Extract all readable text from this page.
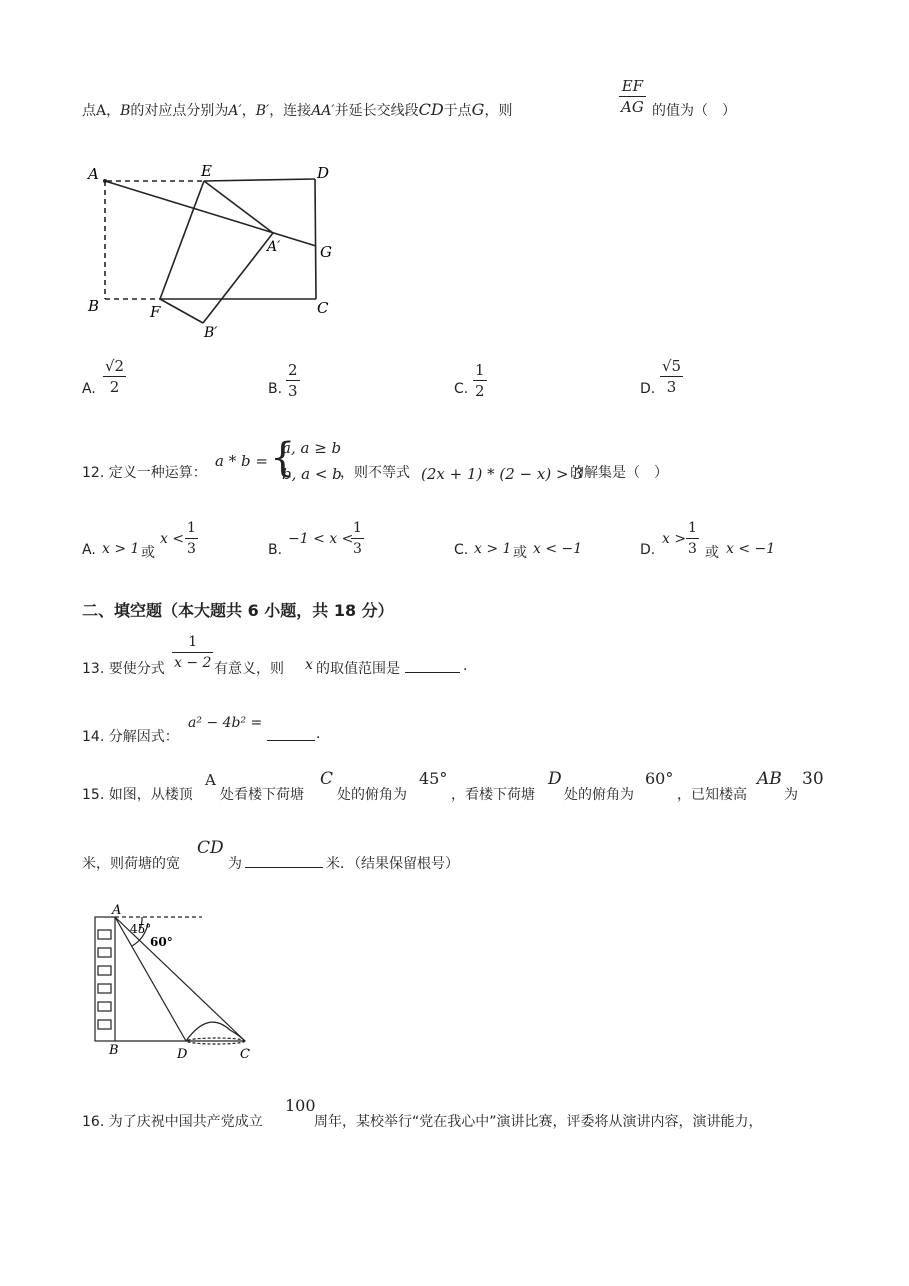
点A，B的对应点分别为A′，B′，连接AA′并延长交线段CD于点G，则	$\frac{EF}{AG}$ 的值为（　）
A	E	D
A′	G
B	F	C
B′
A. $\frac{√2}{2}$	B. $\frac{2}{3}$	C. $\frac{1}{2}$	D. $\frac{√5}{3}$
12. 定义一种运算：
a * b = {
a, a ≥ b
b, a < b
，则不等式 (2x + 1) * (2 − x) > 3
的解集是（　）
A. x > 1 或
$x < \frac{1}{3}$	B.
−1 < x <
$\frac{1}{3}$	C. x > 1 或 x < −1	D.
$x > \frac{1}{3}$ 或 x < −1
二、填空题（本大题共 6 小题，共 18 分）
13. 要使分式 $\frac{1}{x - 2}$ 有意义，则 x 的取值范围是	.
14. 分解因式：
a² − 4b² =
.
15. 如图，从楼顶
A
处看楼下荷塘
C
处的俯角为
45°
，看楼下荷塘
D
处的俯角为
60°
，已知楼高
AB
为
30
米，则荷塘的宽
CD
为	米．（结果保留根号）
A
45°
60°
B	D	C
16. 为了庆祝中国共产党成立
100
周年，某校举行“党在我心中”演讲比赛，评委将从演讲内容，演讲能力，
